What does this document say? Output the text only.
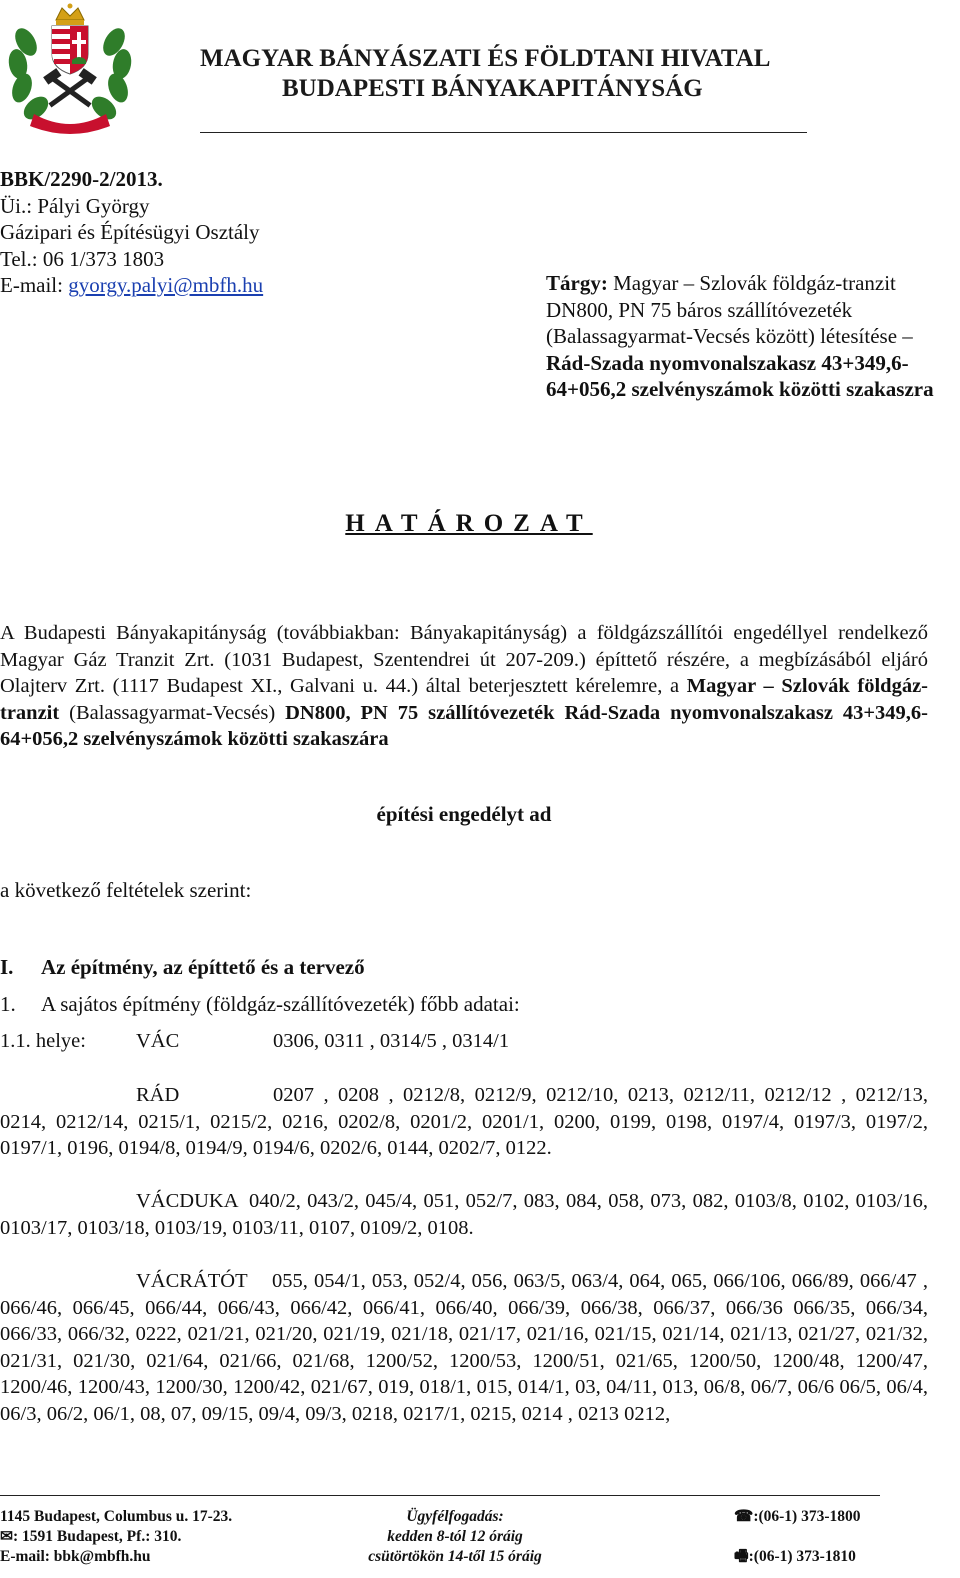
MAGYAR BÁNYÁSZATI ÉS FÖLDTANI HIVATAL
BUDAPESTI BÁNYAKAPITÁNYSÁG
BBK/2290-2/2013.
Üi.: Pályi György
Gázipari és Építésügyi Osztály
Tel.: 06 1/373 1803
E-mail: gyorgy.palyi@mbfh.hu	Tárgy: Magyar – Szlovák földgáz-tranzit DN800, PN 75 báros szállítóvezeték (Balassagyarmat-Vecsés között) létesítése – Rád-Szada nyomvonalszakasz 43+349,6-64+056,2 szelvényszámok közötti szakaszra
HATÁROZAT
A Budapesti Bányakapitányság (továbbiakban: Bányakapitányság) a földgázszállítói engedéllyel rendelkező Magyar Gáz Tranzit Zrt. (1031 Budapest, Szentendrei út 207-209.) építtető részére, a megbízásából eljáró Olajterv Zrt. (1117 Budapest XI., Galvani u. 44.) által beterjesztett kérelemre, a Magyar – Szlovák földgáz-tranzit (Balassagyarmat-Vecsés) DN800, PN 75 szállítóvezeték Rád-Szada nyomvonalszakasz 43+349,6-64+056,2 szelvényszámok közötti szakaszára
építési engedélyt ad
a következő feltételek szerint:
I. Az építmény, az építtető és a tervező
1. A sajátos építmény (földgáz-szállítóvezeték) főbb adatai:
1.1. helye: VÁC	0306, 0311 , 0314/5 , 0314/1
RÁD	0207 , 0208 , 0212/8, 0212/9, 0212/10, 0213, 0212/11, 0212/12 , 0212/13, 0214, 0212/14, 0215/1, 0215/2, 0216, 0202/8, 0201/2, 0201/1, 0200, 0199, 0198, 0197/4, 0197/3, 0197/2, 0197/1, 0196, 0194/8, 0194/9, 0194/6, 0202/6, 0144, 0202/7, 0122.
VÁCDUKA 040/2, 043/2, 045/4, 051, 052/7, 083, 084, 058, 073, 082, 0103/8, 0102, 0103/16, 0103/17, 0103/18, 0103/19, 0103/11, 0107, 0109/2, 0108.
VÁCRÁTÓT 055, 054/1, 053, 052/4, 056, 063/5, 063/4, 064, 065, 066/106, 066/89, 066/47 , 066/46, 066/45, 066/44, 066/43, 066/42, 066/41, 066/40, 066/39, 066/38, 066/37, 066/36 066/35, 066/34, 066/33, 066/32, 0222, 021/21, 021/20, 021/19, 021/18, 021/17, 021/16, 021/15, 021/14, 021/13, 021/27, 021/32, 021/31, 021/30, 021/64, 021/66, 021/68, 1200/52, 1200/53, 1200/51, 021/65, 1200/50, 1200/48, 1200/47, 1200/46, 1200/43, 1200/30, 1200/42, 021/67, 019, 018/1, 015, 014/1, 03, 04/11, 013, 06/8, 06/7, 06/6 06/5, 06/4, 06/3, 06/2, 06/1, 08, 07, 09/15, 09/4, 09/3, 0218, 0217/1, 0215, 0214 , 0213 0212,
1145 Budapest, Columbus u. 17-23.
✉: 1591 Budapest, Pf.: 310.
E-mail: bbk@mbfh.hu
Ügyfélfogadás:
kedden 8-tól 12 óráig
csütörtökön 14-től 15 óráig
☎:(06-1) 373-1800

🖷:(06-1) 373-1810
